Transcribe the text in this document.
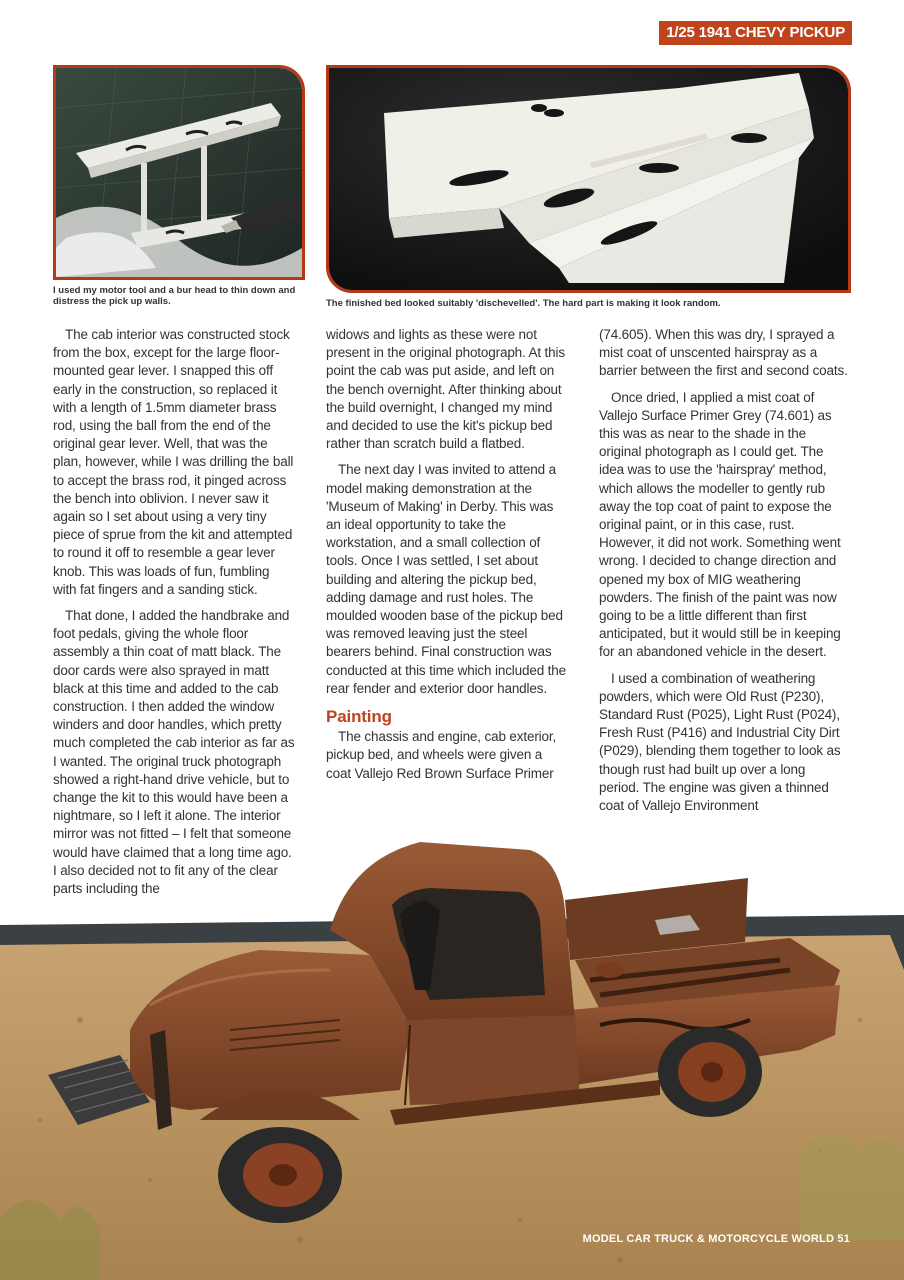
1/25 1941 CHEVY PICKUP
I used my motor tool and a bur head to thin down and distress the pick up walls.	The finished bed looked suitably 'dischevelled'. The hard part is making it look random.

The cab interior was constructed stock from the box, except for the large floor-mounted gear lever. I snapped this off early in the construction, so replaced it with a length of 1.5mm diameter brass rod, using the ball from the end of the original gear lever. Well, that was the plan, however, while I was drilling the ball to accept the brass rod, it pinged across the bench into oblivion. I never saw it again so I set about using a very tiny piece of sprue from the kit and attempted to round it off to resemble a gear lever knob. This was loads of fun, fumbling with fat fingers and a sanding stick.

That done, I added the handbrake and foot pedals, giving the whole floor assembly a thin coat of matt black. The door cards were also sprayed in matt black at this time and added to the cab construction. I then added the window winders and door handles, which pretty much completed the cab interior as far as I wanted. The original truck photograph showed a right-hand drive vehicle, but to change the kit to this would have been a nightmare, so I left it alone. The interior mirror was not fitted – I felt that someone would have claimed that a long time ago. I also decided not to fit any of the clear parts including the

widows and lights as these were not present in the original photograph. At this point the cab was put aside, and left on the bench overnight. After thinking about the build overnight, I changed my mind and decided to use the kit's pickup bed rather than scratch build a flatbed.

The next day I was invited to attend a model making demonstration at the 'Museum of Making' in Derby. This was an ideal opportunity to take the workstation, and a small collection of tools. Once I was settled, I set about building and altering the pickup bed, adding damage and rust holes. The moulded wooden base of the pickup bed was removed leaving just the steel bearers behind. Final construction was conducted at this time which included the rear fender and exterior door handles.

Painting

The chassis and engine, cab exterior, pickup bed, and wheels were given a coat Vallejo Red Brown Surface Primer

(74.605). When this was dry, I sprayed a mist coat of unscented hairspray as a barrier between the first and second coats.

Once dried, I applied a mist coat of Vallejo Surface Primer Grey (74.601) as this was as near to the shade in the original photograph as I could get. The idea was to use the 'hairspray' method, which allows the modeller to gently rub away the top coat of paint to expose the original paint, or in this case, rust. However, it did not work. Something went wrong. I decided to change direction and opened my box of MIG weathering powders. The finish of the paint was now going to be a little different than first anticipated, but it would still be in keeping for an abandoned vehicle in the desert.

I used a combination of weathering powders, which were Old Rust (P230), Standard Rust (P025), Light Rust (P024), Fresh Rust (P416) and Industrial City Dirt (P029), blending them together to look as though rust had built up over a long period. The engine was given a thinned coat of Vallejo Environment

MODEL CAR TRUCK & MOTORCYCLE WORLD 51
